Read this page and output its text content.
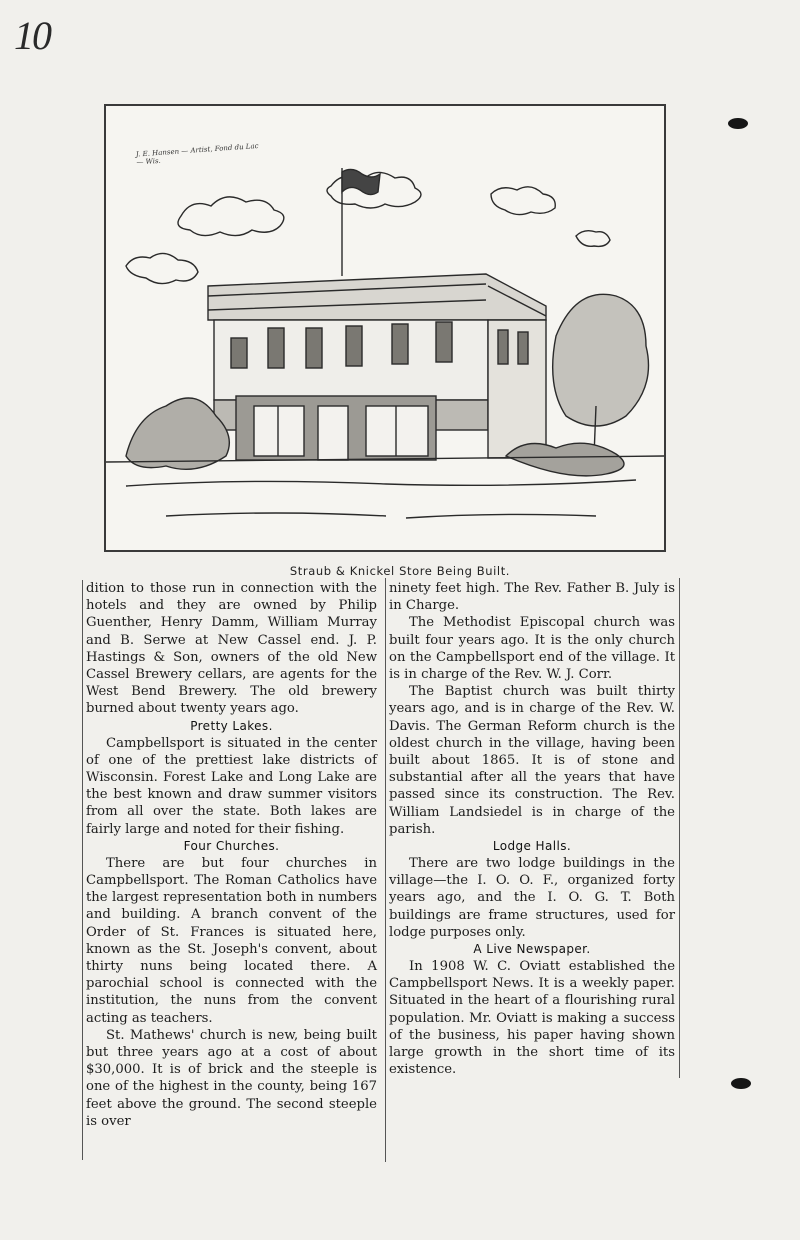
10
J. E. Hansen — Artist, Fond du Lac — Wis.
Straub & Knickel Store Being Built.

dition to those run in connection with the hotels and they are owned by Philip Guenther, Henry Damm, William Murray and B. Serwe at New Cassel end. J. P. Hastings & Son, owners of the old New Cassel Brewery cellars, are agents for the West Bend Brewery. The old brewery burned about twenty years ago.

Pretty Lakes.

Campbellsport is situated in the center of one of the prettiest lake districts of Wisconsin. Forest Lake and Long Lake are the best known and draw summer visitors from all over the state. Both lakes are fairly large and noted for their fishing.

Four Churches.

There are but four churches in Campbellsport. The Roman Catholics have the largest representation both in numbers and building. A branch convent of the Order of St. Frances is situated here, known as the St. Joseph's convent, about thirty nuns being located there. A parochial school is connected with the institution, the nuns from the convent acting as teachers.

St. Mathews' church is new, being built but three years ago at a cost of about $30,000. It is of brick and the steeple is one of the highest in the county, being 167 feet above the ground. The second steeple is over

ninety feet high. The Rev. Father B. July is in Charge.

The Methodist Episcopal church was built four years ago. It is the only church on the Campbellsport end of the village. It is in charge of the Rev. W. J. Corr.

The Baptist church was built thirty years ago, and is in charge of the Rev. W. Davis. The German Reform church is the oldest church in the village, having been built about 1865. It is of stone and substantial after all the years that have passed since its construction. The Rev. William Landsiedel is in charge of the parish.

Lodge Halls.

There are two lodge buildings in the village—the I. O. O. F., organized forty years ago, and the I. O. G. T. Both buildings are frame structures, used for lodge purposes only.

A Live Newspaper.

In 1908 W. C. Oviatt established the Campbellsport News. It is a weekly paper. Situated in the heart of a flourishing rural population. Mr. Oviatt is making a success of the business, his paper having shown large growth in the short time of its existence.
